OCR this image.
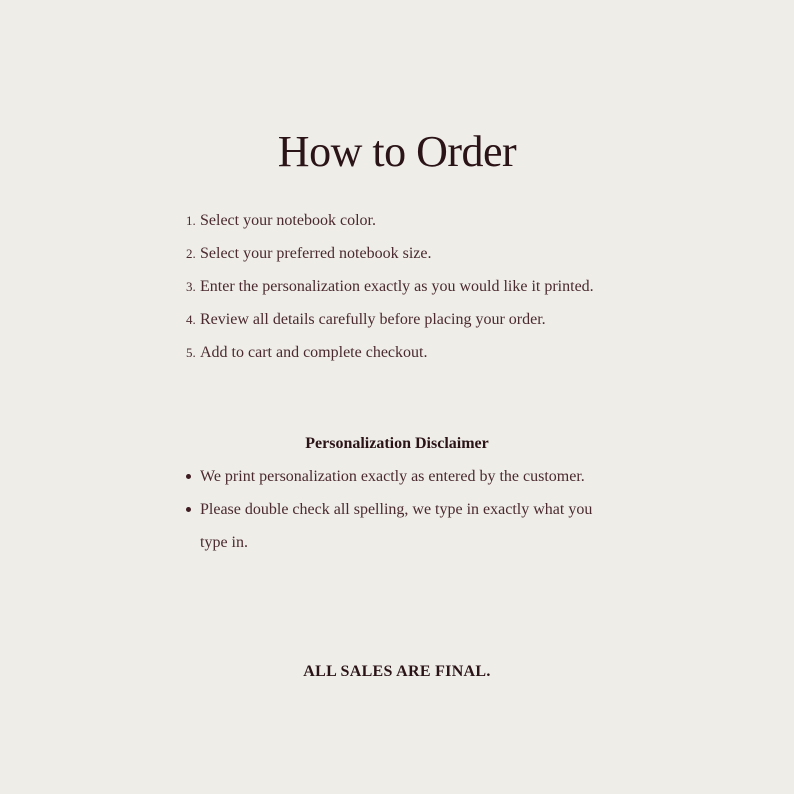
How to Order
1. Select your notebook color.
2. Select your preferred notebook size.
3. Enter the personalization exactly as you would like it printed.
4. Review all details carefully before placing your order.
5. Add to cart and complete checkout.
Personalization Disclaimer
We print personalization exactly as entered by the customer.
Please double check all spelling, we type in exactly what you type in.

ALL SALES ARE FINAL.
